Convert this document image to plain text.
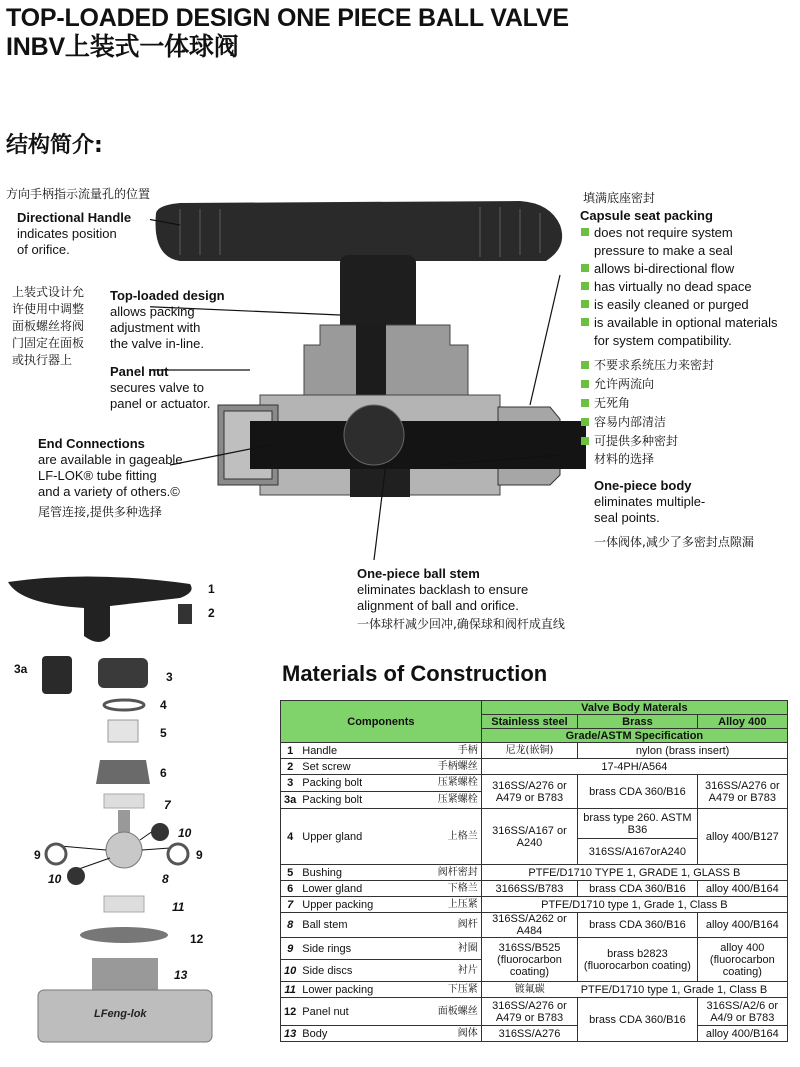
TOP-LOADED DESIGN ONE PIECE BALL VALVE
INBV上装式一体球阀
结构简介:
方向手柄指示流量孔的位置
Directional Handle
indicates position
of orifice.
上装式设计允
许使用中调整
面板螺丝将阀
门固定在面板
或执行器上
Top-loaded design
allows packing
adjustment with
the valve in-line.
Panel nut
secures valve to
panel or actuator.
End Connections
are available in gageable
LF-LOK® tube fitting
and a variety of others.©
尾管连接,提供多种选择
One-piece ball stem
eliminates backlash to ensure
alignment of ball and orifice.
一体球杆减少回冲,确保球和阀杆成直线
填满底座密封
Capsule seat packing
does not require system
pressure to make a seal
allows bi-directional flow
has virtually no dead space
is easily cleaned or purged
is available in optional materials
for system compatibility.
不要求系统压力来密封
允许两流向
无死角
容易内部清洁
可提供多种密封
材料的选择
One-piece body
eliminates multiple-
seal points.
一体阀体,减少了多密封点隙漏
1
2
3a
3
4
5
6
7
10
9	9
10	8
11
12
13
LFeng-lok
Materials of Construction
Components			Valve Body Materals		
			Stainless steel	Brass	Alloy 400
			Grade/ASTM Specification		
1	Handle	手柄	尼龙(嵌铜)	nylon (brass insert)	
2	Set screw	手柄螺丝	17-4PH/A564		
3	Packing bolt	压紧螺栓	316SS/A276 or A479 or B783	brass CDA 360/B16	316SS/A276 or A479 or B783
3a	Packing bolt	压紧螺栓			
4	Upper gland	上格兰	316SS/A167 or A240	brass type 260. ASTM B36	alloy 400/B127
				316SS/A167orA240	
5	Bushing	阀杆密封	PTFE/D1710 TYPE 1, GRADE 1, GLASS B		
6	Lower gland	下格兰	3166SS/B783	brass CDA 360/B16	alloy 400/B164
7	Upper packing	上压紧	PTFE/D1710 type 1, Grade 1, Class B		
8	Ball stem	阀杆	316SS/A262 or A484	brass CDA 360/B16	alloy 400/B164
9	Side rings	衬圈	316SS/B525 (fluorocarbon coating)	brass b2823 (fluorocarbon coating)	alloy 400 (fluorocarbon coating)
10	Side discs	衬片			
11	Lower packing	下压紧	镀氟碳	PTFE/D1710 type 1, Grade 1, Class B	
12	Panel nut	面板螺丝	316SS/A276 or A479 or B783	brass CDA 360/B16	316SS/A2/6 or A4/9 or B783
13	Body	阀体	316SS/A276		alloy 400/B164
